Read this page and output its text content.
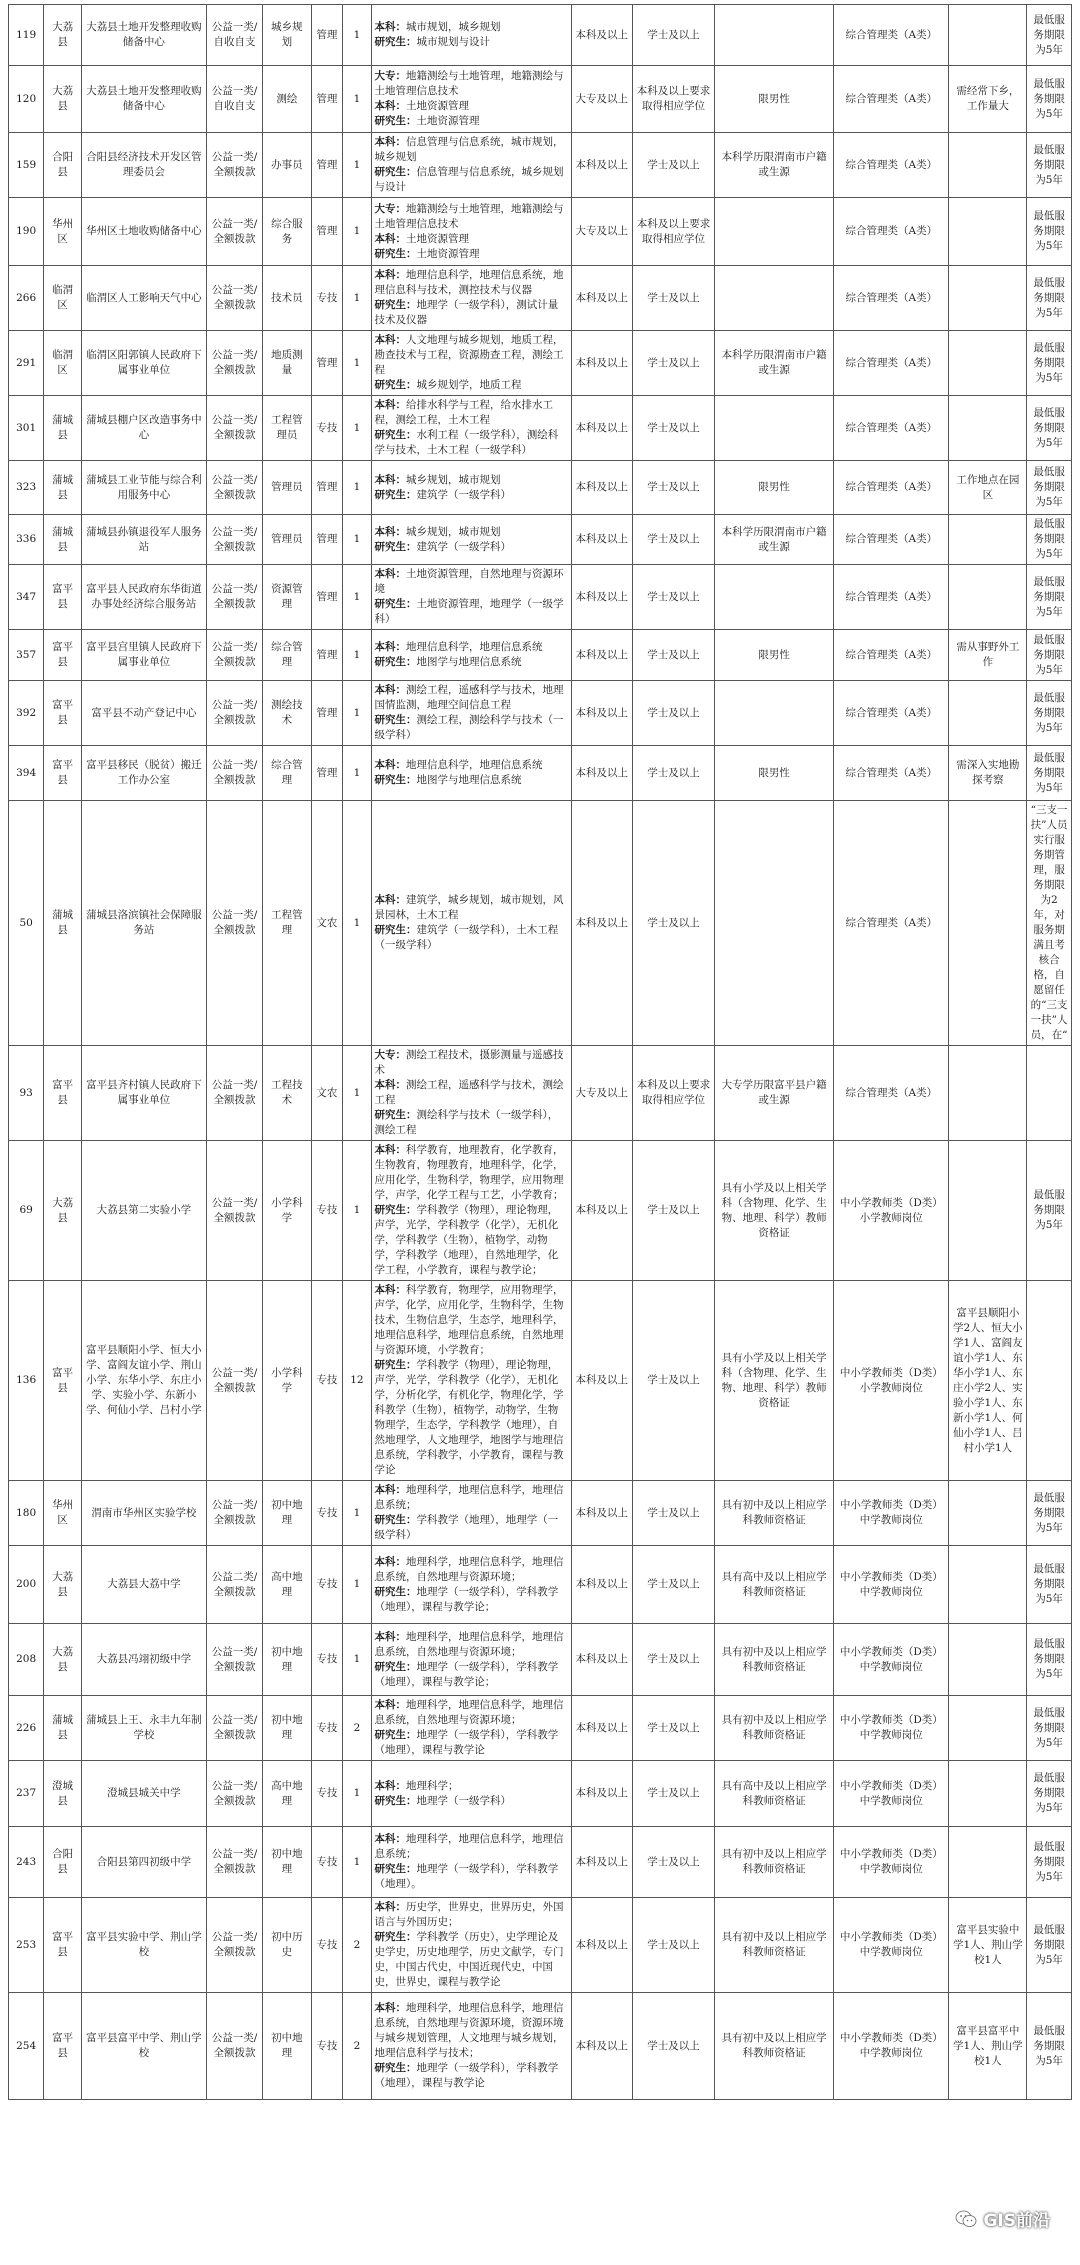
119	大荔县	大荔县土地开发整理收购储备中心	公益一类/自收自支	城乡规划	管理	1	本科：城市规划，城乡规划
研究生：城市规划与设计	本科及以上	学士及以上		综合管理类（A类）		最低服务期限为5年
120	大荔县	大荔县土地开发整理收购储备中心	公益一类/自收自支	测绘	管理	1	大专：地籍测绘与土地管理，地籍测绘与土地管理信息技术
本科：土地资源管理
研究生：土地资源管理	大专及以上	本科及以上要求取得相应学位	限男性	综合管理类（A类）	需经常下乡，工作量大	最低服务期限为5年
159	合阳县	合阳县经济技术开发区管理委员会	公益一类/全额拨款	办事员	管理	1	本科：信息管理与信息系统，城市规划，城乡规划
研究生：信息管理与信息系统，城乡规划与设计	本科及以上	学士及以上	本科学历限渭南市户籍或生源	综合管理类（A类）		最低服务期限为5年
190	华州区	华州区土地收购储备中心	公益一类/全额拨款	综合服务	管理	1	大专：地籍测绘与土地管理，地籍测绘与土地管理信息技术
本科：土地资源管理
研究生：土地资源管理	大专及以上	本科及以上要求取得相应学位		综合管理类（A类）		最低服务期限为5年
266	临渭区	临渭区人工影响天气中心	公益一类/全额拨款	技术员	专技	1	本科：地理信息科学，地理信息系统，地理信息科与技术，测控技术与仪器
研究生：地理学（一级学科），测试计量技术及仪器	本科及以上	学士及以上		综合管理类（A类）		最低服务期限为5年
291	临渭区	临渭区阳郭镇人民政府下属事业单位	公益一类/全额拨款	地质测量	管理	1	本科：人文地理与城乡规划，地质工程，勘查技术与工程，资源勘查工程，测绘工程
研究生：城乡规划学，地质工程	本科及以上	学士及以上	本科学历限渭南市户籍或生源	综合管理类（A类）		最低服务期限为5年
301	蒲城县	蒲城县棚户区改造事务中心	公益一类/全额拨款	工程管理员	专技	1	本科：给排水科学与工程，给水排水工程，测绘工程，土木工程
研究生：水利工程（一级学科），测绘科学与技术，土木工程（一级学科）	本科及以上	学士及以上		综合管理类（A类）		最低服务期限为5年
323	蒲城县	蒲城县工业节能与综合利用服务中心	公益一类/全额拨款	管理员	管理	1	本科：城乡规划，城市规划
研究生：建筑学（一级学科）	本科及以上	学士及以上	限男性	综合管理类（A类）	工作地点在园区	最低服务期限为5年
336	蒲城县	蒲城县孙镇退役军人服务站	公益一类/全额拨款	管理员	管理	1	本科：城乡规划，城市规划
研究生：建筑学（一级学科）	本科及以上	学士及以上	本科学历限渭南市户籍或生源	综合管理类（A类）		最低服务期限为5年
347	富平县	富平县人民政府东华街道办事处经济综合服务站	公益一类/全额拨款	资源管理	管理	1	本科：土地资源管理，自然地理与资源环境
研究生：土地资源管理，地理学（一级学科）	本科及以上	学士及以上		综合管理类（A类）		最低服务期限为5年
357	富平县	富平县宫里镇人民政府下属事业单位	公益一类/全额拨款	综合管理	管理	1	本科：地理信息科学，地理信息系统
研究生：地图学与地理信息系统	本科及以上	学士及以上	限男性	综合管理类（A类）	需从事野外工作	最低服务期限为5年
392	富平县	富平县不动产登记中心	公益一类/全额拨款	测绘技术	管理	1	本科：测绘工程，遥感科学与技术，地理国情监测，地理空间信息工程
研究生：测绘工程，测绘科学与技术（一级学科）	本科及以上	学士及以上		综合管理类（A类）		最低服务期限为5年
394	富平县	富平县移民（脱贫）搬迁工作办公室	公益一类/全额拨款	综合管理	管理	1	本科：地理信息科学，地理信息系统
研究生：地图学与地理信息系统	本科及以上	学士及以上	限男性	综合管理类（A类）	需深入实地勘探考察	最低服务期限为5年
50	蒲城县	蒲城县洛滨镇社会保障服务站	公益一类/全额拨款	工程管理	文农	1	本科：建筑学，城乡规划，城市规划，风景园林，土木工程
研究生：建筑学（一级学科），土木工程（一级学科）	本科及以上	学士及以上		综合管理类（A类）		“三支一扶”人员实行服务期管理，服务期限为2年，对服务期满且考核合格，自愿留任的“三支一扶”人员，在“
93	富平县	富平县齐村镇人民政府下属事业单位	公益一类/全额拨款	工程技术	文农	1	大专：测绘工程技术，摄影测量与遥感技术
本科：测绘工程，遥感科学与技术，测绘工程
研究生：测绘科学与技术（一级学科），测绘工程	大专及以上	本科及以上要求取得相应学位	大专学历限富平县户籍或生源	综合管理类（A类）		
69	大荔县	大荔县第二实验小学	公益一类/全额拨款	小学科学	专技	1	本科：科学教育，地理教育，化学教育，生物教育，物理教育，地理科学，化学，应用化学，生物科学，物理学，应用物理学，声学，化学工程与工艺，小学教育；
研究生：学科教学（物理），理论物理，声学，光学，学科教学（化学），无机化学，学科教学（生物），植物学，动物学，学科教学（地理），自然地理学，化学工程，小学教育，课程与教学论；	本科及以上	学士及以上	具有小学及以上相关学科（含物理、化学、生物、地理、科学）教师资格证	中小学教师类（D类）小学教师岗位		最低服务期限为5年
136	富平县	富平县顺阳小学、恒大小学、富阎友谊小学、荆山小学、东华小学、东庄小学、实验小学、东新小学、何仙小学、吕村小学	公益一类/全额拨款	小学科学	专技	12	本科：科学教育，物理学，应用物理学，声学，化学，应用化学，生物科学，生物技术，生物信息学，生态学，地理科学，地理信息科学，地理信息系统，自然地理与资源环境，小学教育；
研究生：学科教学（物理），理论物理，声学，光学，学科教学（化学），无机化学，分析化学，有机化学，物理化学，学科教学（生物），植物学，动物学，生物物理学，生态学，学科教学（地理），自然地理学，人文地理学，地图学与地理信息系统，学科教学，小学教育，课程与教学论	本科及以上	学士及以上	具有小学及以上相关学科（含物理、化学、生物、地理、科学）教师资格证	中小学教师类（D类）小学教师岗位	富平县顺阳小学2人、恒大小学1人、富阎友谊小学1人、东华小学1人、东庄小学2人、实验小学1人、东新小学1人、何仙小学1人、吕村小学1人	
180	华州区	渭南市华州区实验学校	公益一类/全额拨款	初中地理	专技	1	本科：地理科学，地理信息科学，地理信息系统；
研究生：学科教学（地理），地理学（一级学科）	本科及以上	学士及以上	具有初中及以上相应学科教师资格证	中小学教师类（D类）中学教师岗位		最低服务期限为5年
200	大荔县	大荔县大荔中学	公益二类/全额拨款	高中地理	专技	1	本科：地理科学，地理信息科学，地理信息系统，自然地理与资源环境；
研究生：地理学（一级学科），学科教学（地理），课程与教学论；	本科及以上	学士及以上	具有高中及以上相应学科教师资格证	中小学教师类（D类）中学教师岗位		最低服务期限为5年
208	大荔县	大荔县冯翊初级中学	公益一类/全额拨款	初中地理	专技	1	本科：地理科学，地理信息科学，地理信息系统，自然地理与资源环境；
研究生：地理学（一级学科），学科教学（地理），课程与教学论；	本科及以上	学士及以上	具有初中及以上相应学科教师资格证	中小学教师类（D类）中学教师岗位		最低服务期限为5年
226	蒲城县	蒲城县上王、永丰九年制学校	公益一类/全额拨款	初中地理	专技	2	本科：地理科学，地理信息科学，地理信息系统，自然地理与资源环境；
研究生：地理学（一级学科），学科教学（地理），课程与教学论	本科及以上	学士及以上	具有初中及以上相应学科教师资格证	中小学教师类（D类）中学教师岗位		最低服务期限为5年
237	澄城县	澄城县城关中学	公益一类/全额拨款	高中地理	专技	1	本科：地理科学；
研究生：地理学（一级学科）	本科及以上	学士及以上	具有高中及以上相应学科教师资格证	中小学教师类（D类）中学教师岗位		最低服务期限为5年
243	合阳县	合阳县第四初级中学	公益一类/全额拨款	初中地理	专技	1	本科：地理科学，地理信息科学，地理信息系统；
研究生：地理学（一级学科），学科教学（地理）。	本科及以上	学士及以上	具有初中及以上相应学科教师资格证	中小学教师类（D类）中学教师岗位		最低服务期限为5年
253	富平县	富平县实验中学、荆山学校	公益一类/全额拨款	初中历史	专技	2	本科：历史学，世界史，世界历史，外国语言与外国历史；
研究生：学科教学（历史），史学理论及史学史，历史地理学，历史文献学，专门史，中国古代史，中国近现代史，中国史，世界史，课程与教学论	本科及以上	学士及以上	具有初中及以上相应学科教师资格证	中小学教师类（D类）中学教师岗位	富平县实验中学1人、荆山学校1人	最低服务期限为5年
254	富平县	富平县富平中学、荆山学校	公益一类/全额拨款	初中地理	专技	2	本科：地理科学，地理信息科学，地理信息系统，自然地理与资源环境，资源环境与城乡规划管理，人文地理与城乡规划，地理信息科学与技术；
研究生：地理学（一级学科），学科教学（地理），课程与教学论	本科及以上	学士及以上	具有初中及以上相应学科教师资格证	中小学教师类（D类）中学教师岗位	富平县富平中学1人、荆山学校1人	最低服务期限为5年
GIS前沿
